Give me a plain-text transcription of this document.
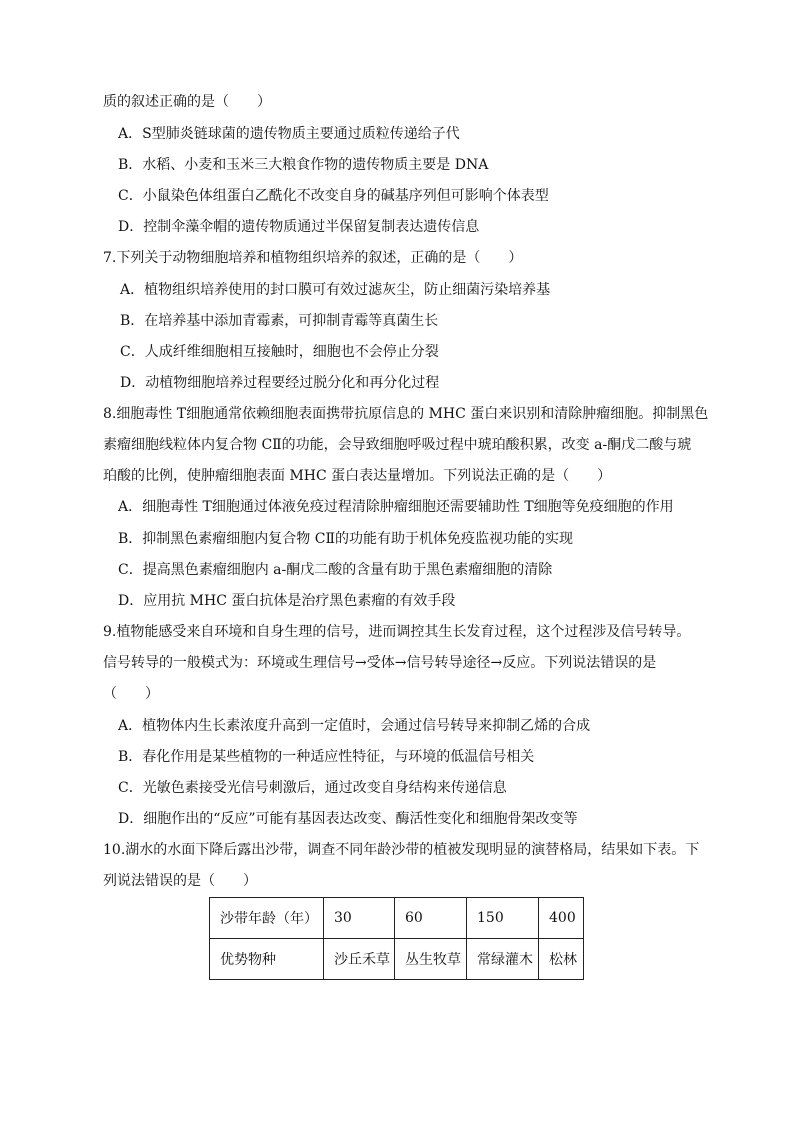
质的叙述正确的是（　　）
A．S型肺炎链球菌的遗传物质主要通过质粒传递给子代
B．水稻、小麦和玉米三大粮食作物的遗传物质主要是 DNA
C．小鼠染色体组蛋白乙酰化不改变自身的碱基序列但可影响个体表型
D．控制伞藻伞帽的遗传物质通过半保留复制表达遗传信息
7.下列关于动物细胞培养和植物组织培养的叙述，正确的是（　　）
A．植物组织培养使用的封口膜可有效过滤灰尘，防止细菌污染培养基
B．在培养基中添加青霉素，可抑制青霉等真菌生长
C．人成纤维细胞相互接触时，细胞也不会停止分裂
D．动植物细胞培养过程要经过脱分化和再分化过程
8.细胞毒性 T细胞通常依赖细胞表面携带抗原信息的 MHC 蛋白来识别和清除肿瘤细胞。抑制黑色
素瘤细胞线粒体内复合物 CⅡ的功能，会导致细胞呼吸过程中琥珀酸积累，改变 a-酮戊二酸与琥
珀酸的比例，使肿瘤细胞表面 MHC 蛋白表达量增加。下列说法正确的是（　　）
A．细胞毒性 T细胞通过体液免疫过程清除肿瘤细胞还需要辅助性 T细胞等免疫细胞的作用
B．抑制黑色素瘤细胞内复合物 CⅡ的功能有助于机体免疫监视功能的实现
C．提高黑色素瘤细胞内 a-酮戊二酸的含量有助于黑色素瘤细胞的清除
D．应用抗 MHC 蛋白抗体是治疗黑色素瘤的有效手段
9.植物能感受来自环境和自身生理的信号，进而调控其生长发育过程，这个过程涉及信号转导。
信号转导的一般模式为：环境或生理信号→受体→信号转导途径→反应。下列说法错误的是
（　　）
A．植物体内生长素浓度升高到一定值时，会通过信号转导来抑制乙烯的合成
B．春化作用是某些植物的一种适应性特征，与环境的低温信号相关
C．光敏色素接受光信号刺激后，通过改变自身结构来传递信息
D．细胞作出的“反应”可能有基因表达改变、酶活性变化和细胞骨架改变等
10.湖水的水面下降后露出沙带，调查不同年龄沙带的植被发现明显的演替格局，结果如下表。下
列说法错误的是（　　）
沙带年龄（年）	30	60	150	400
优势物种	沙丘禾草	丛生牧草	常绿灌木	松林
